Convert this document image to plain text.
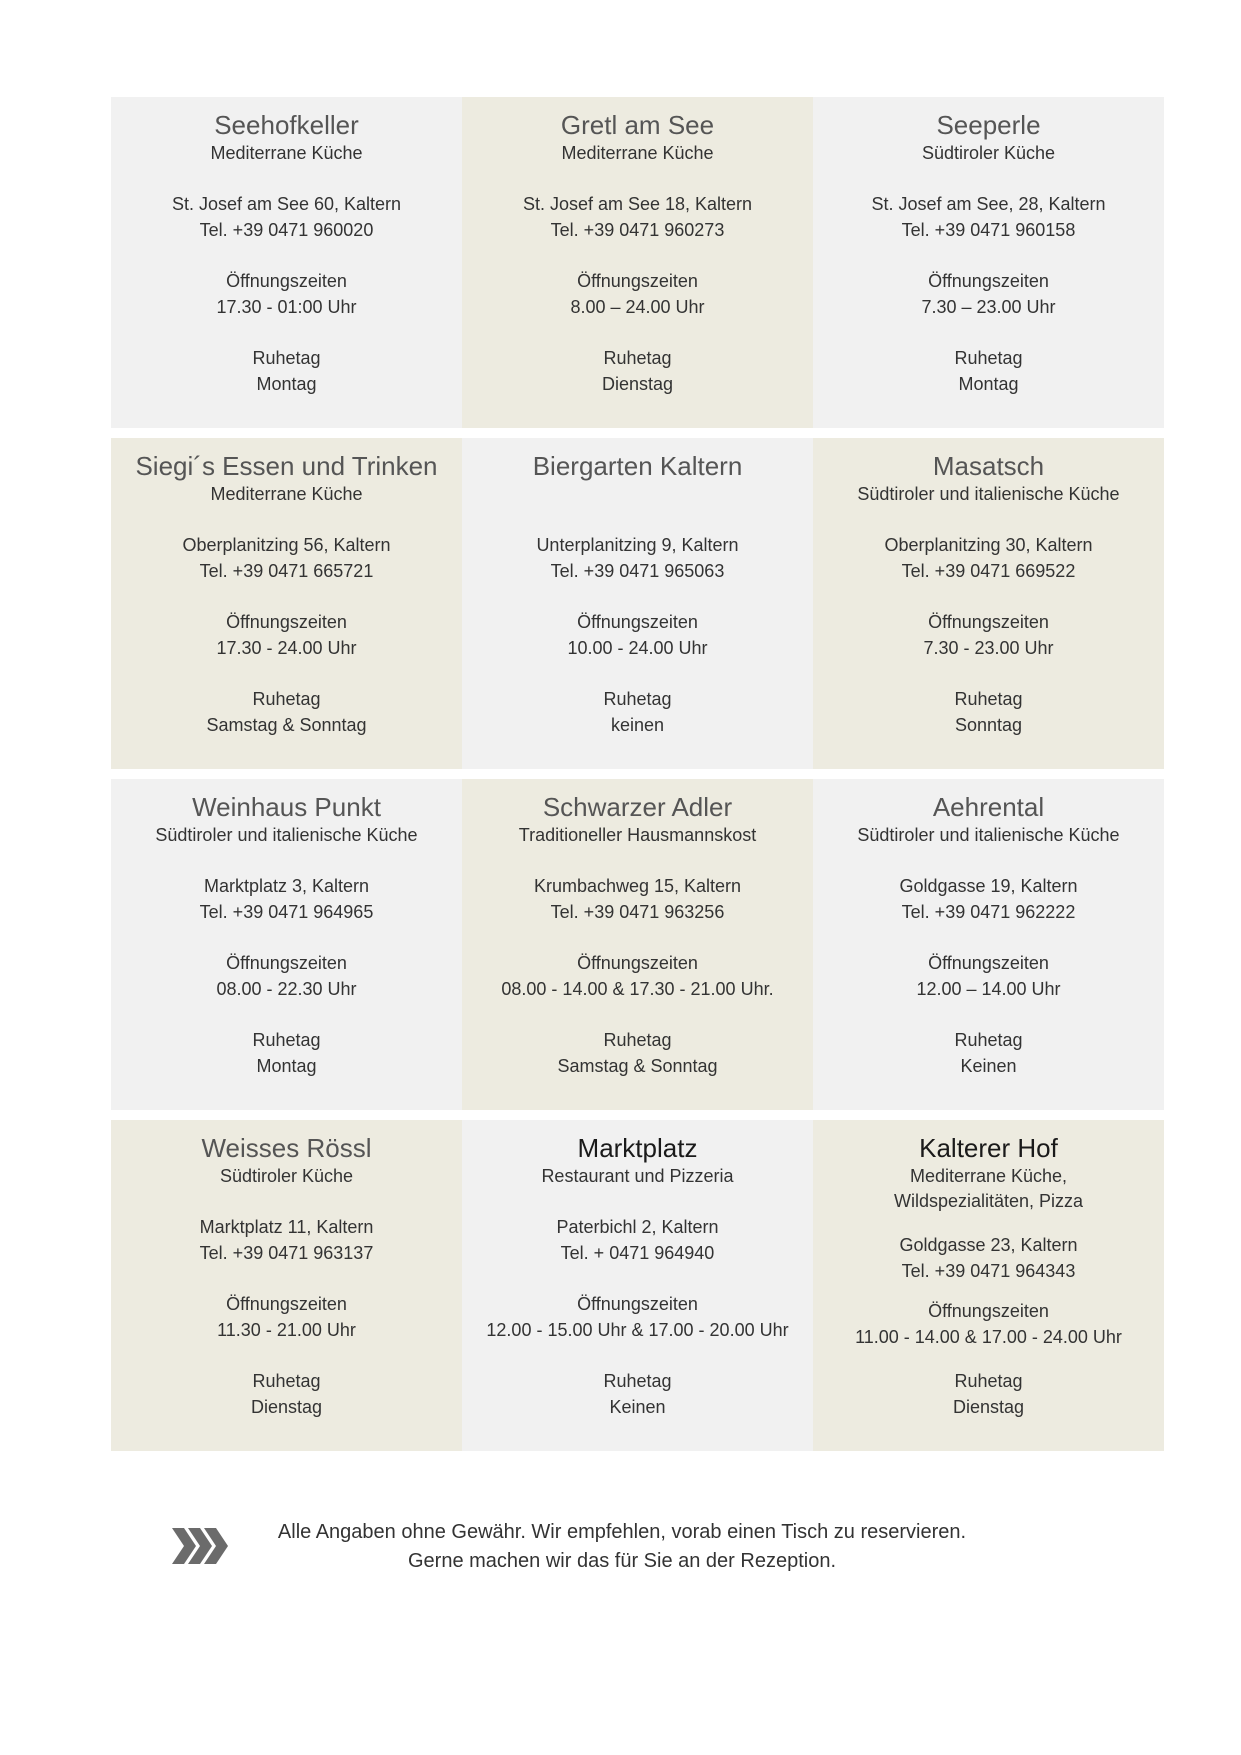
Seehofkeller
Mediterrane Küche
St. Josef am See 60, Kaltern
Tel. +39 0471 960020
Öffnungszeiten
17.30 - 01:00 Uhr
Ruhetag
Montag
Gretl am See
Mediterrane Küche
St. Josef am See 18, Kaltern
Tel. +39 0471 960273
Öffnungszeiten
8.00 – 24.00 Uhr
Ruhetag
Dienstag
Seeperle
Südtiroler Küche
St. Josef am See, 28, Kaltern
Tel. +39 0471 960158
Öffnungszeiten
7.30 – 23.00 Uhr
Ruhetag
Montag
Siegi´s Essen und Trinken
Mediterrane Küche
Oberplanitzing 56, Kaltern
Tel. +39 0471 665721
Öffnungszeiten
17.30 - 24.00 Uhr
Ruhetag
Samstag & Sonntag
Biergarten Kaltern
Unterplanitzing 9, Kaltern
Tel. +39 0471 965063
Öffnungszeiten
10.00 - 24.00 Uhr
Ruhetag
keinen
Masatsch
Südtiroler und italienische Küche
Oberplanitzing 30, Kaltern
Tel. +39 0471 669522
Öffnungszeiten
7.30 - 23.00 Uhr
Ruhetag
Sonntag
Weinhaus Punkt
Südtiroler und italienische Küche
Marktplatz 3, Kaltern
Tel. +39 0471 964965
Öffnungszeiten
08.00 - 22.30 Uhr
Ruhetag
Montag
Schwarzer Adler
Traditioneller Hausmannskost
Krumbachweg 15, Kaltern
Tel. +39 0471 963256
Öffnungszeiten
08.00 - 14.00 & 17.30 - 21.00 Uhr.
Ruhetag
Samstag & Sonntag
Aehrental
Südtiroler und italienische Küche
Goldgasse 19, Kaltern
Tel. +39 0471 962222
Öffnungszeiten
12.00 – 14.00 Uhr
Ruhetag
Keinen
Weisses Rössl
Südtiroler Küche
Marktplatz 11, Kaltern
Tel. +39 0471 963137
Öffnungszeiten
11.30 - 21.00 Uhr
Ruhetag
Dienstag
Marktplatz
Restaurant und Pizzeria
Paterbichl 2, Kaltern
Tel. + 0471 964940
Öffnungszeiten
12.00 - 15.00 Uhr & 17.00 - 20.00 Uhr
Ruhetag
Keinen
Kalterer Hof
Mediterrane Küche, Wildspezialitäten, Pizza
Goldgasse 23, Kaltern
Tel. +39 0471 964343
Öffnungszeiten
11.00 - 14.00 & 17.00 - 24.00 Uhr
Ruhetag
Dienstag
Alle Angaben ohne Gewähr. Wir empfehlen, vorab einen Tisch zu reservieren.
Gerne machen wir das für Sie an der Rezeption.
